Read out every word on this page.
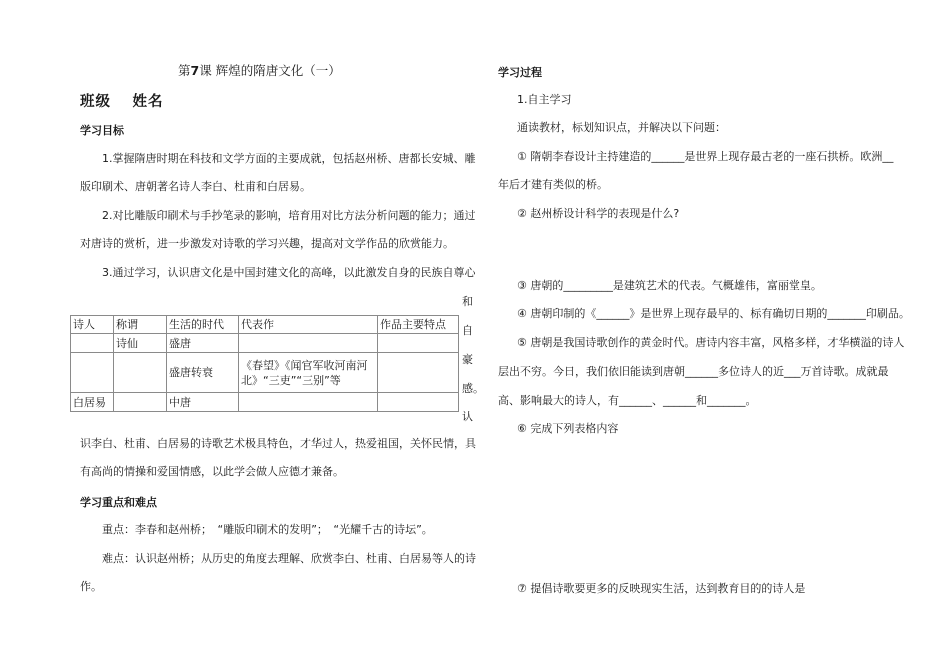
第7课 辉煌的隋唐文化（一）
班级　 姓名
学习目标
1.掌握隋唐时期在科技和文学方面的主要成就，包括赵州桥、唐都长安城、雕
版印刷术、唐朝著名诗人李白、杜甫和白居易。
2.对比雕版印刷术与手抄笔录的影响，培育用对比方法分析问题的能力；通过
对唐诗的赏析，进一步激发对诗歌的学习兴趣，提高对文学作品的欣赏能力。
3.通过学习，认识唐文化是中国封建文化的高峰，以此激发自身的民族自尊心
和
自
豪
感。
认
诗人	称谓	生活的时代	代表作	作品主要特点
	诗仙	盛唐		
		盛唐转衰	《春望》《闻官军收河南河
北》“三吏”“三别”等	

白居易		中唐		
识李白、杜甫、白居易的诗歌艺术极具特色，才华过人，热爱祖国，关怀民情，具
有高尚的情操和爱国情感，以此学会做人应德才兼备。
学习重点和难点
重点：李春和赵州桥；　“雕版印刷术的发明”；　“光耀千古的诗坛”。
难点：认识赵州桥；从历史的角度去理解、欣赏李白、杜甫、白居易等人的诗
作。
学习过程
1.自主学习
通读教材，标划知识点，并解决以下问题：
① 隋朝李春设计主持建造的______是世界上现存最古老的一座石拱桥。欧洲__
年后才建有类似的桥。
② 赵州桥设计科学的表现是什么?
③ 唐朝的_________是建筑艺术的代表。气概雄伟，富丽堂皇。
④ 唐朝印制的《______》是世界上现存最早的、标有确切日期的_______印刷品。
⑤ 唐朝是我国诗歌创作的黄金时代。唐诗内容丰富，风格多样，才华横溢的诗人
层出不穷。今日，我们依旧能读到唐朝______多位诗人的近___万首诗歌。成就最
高、影响最大的诗人，有______、______和_______。
⑥ 完成下列表格内容
⑦ 提倡诗歌要更多的反映现实生活，达到教育目的的诗人是
